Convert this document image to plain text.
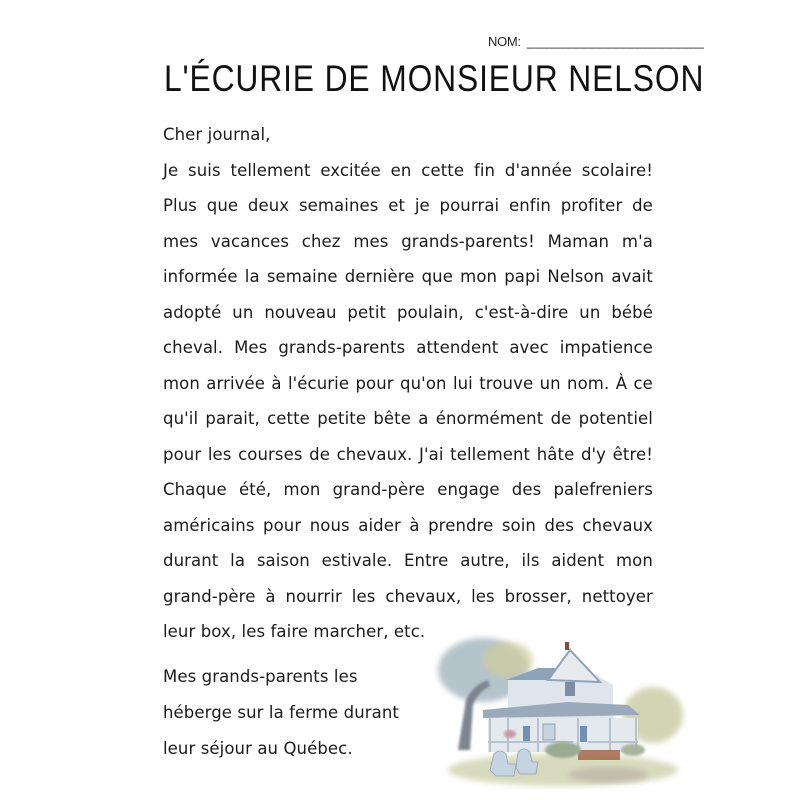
NOM: _______________________
L'ÉCURIE DE MONSIEUR NELSON
Cher journal,
Je suis tellement excitée en cette fin d'année scolaire!
Plus que deux semaines et je pourrai enfin profiter de
mes vacances chez mes grands-parents! Maman m'a
informée la semaine dernière que mon papi Nelson avait
adopté un nouveau petit poulain, c'est-à-dire un bébé
cheval. Mes grands-parents attendent avec impatience
mon arrivée à l'écurie pour qu'on lui trouve un nom. À ce
qu'il parait, cette petite bête a énormément de potentiel
pour les courses de chevaux. J'ai tellement hâte d'y être!
Chaque été, mon grand-père engage des palefreniers
américains pour nous aider à prendre soin des chevaux
durant la saison estivale. Entre autre, ils aident mon
grand-père à nourrir les chevaux, les brosser, nettoyer
leur box, les faire marcher, etc.
Mes grands-parents les
héberge sur la ferme durant
leur séjour au Québec.
